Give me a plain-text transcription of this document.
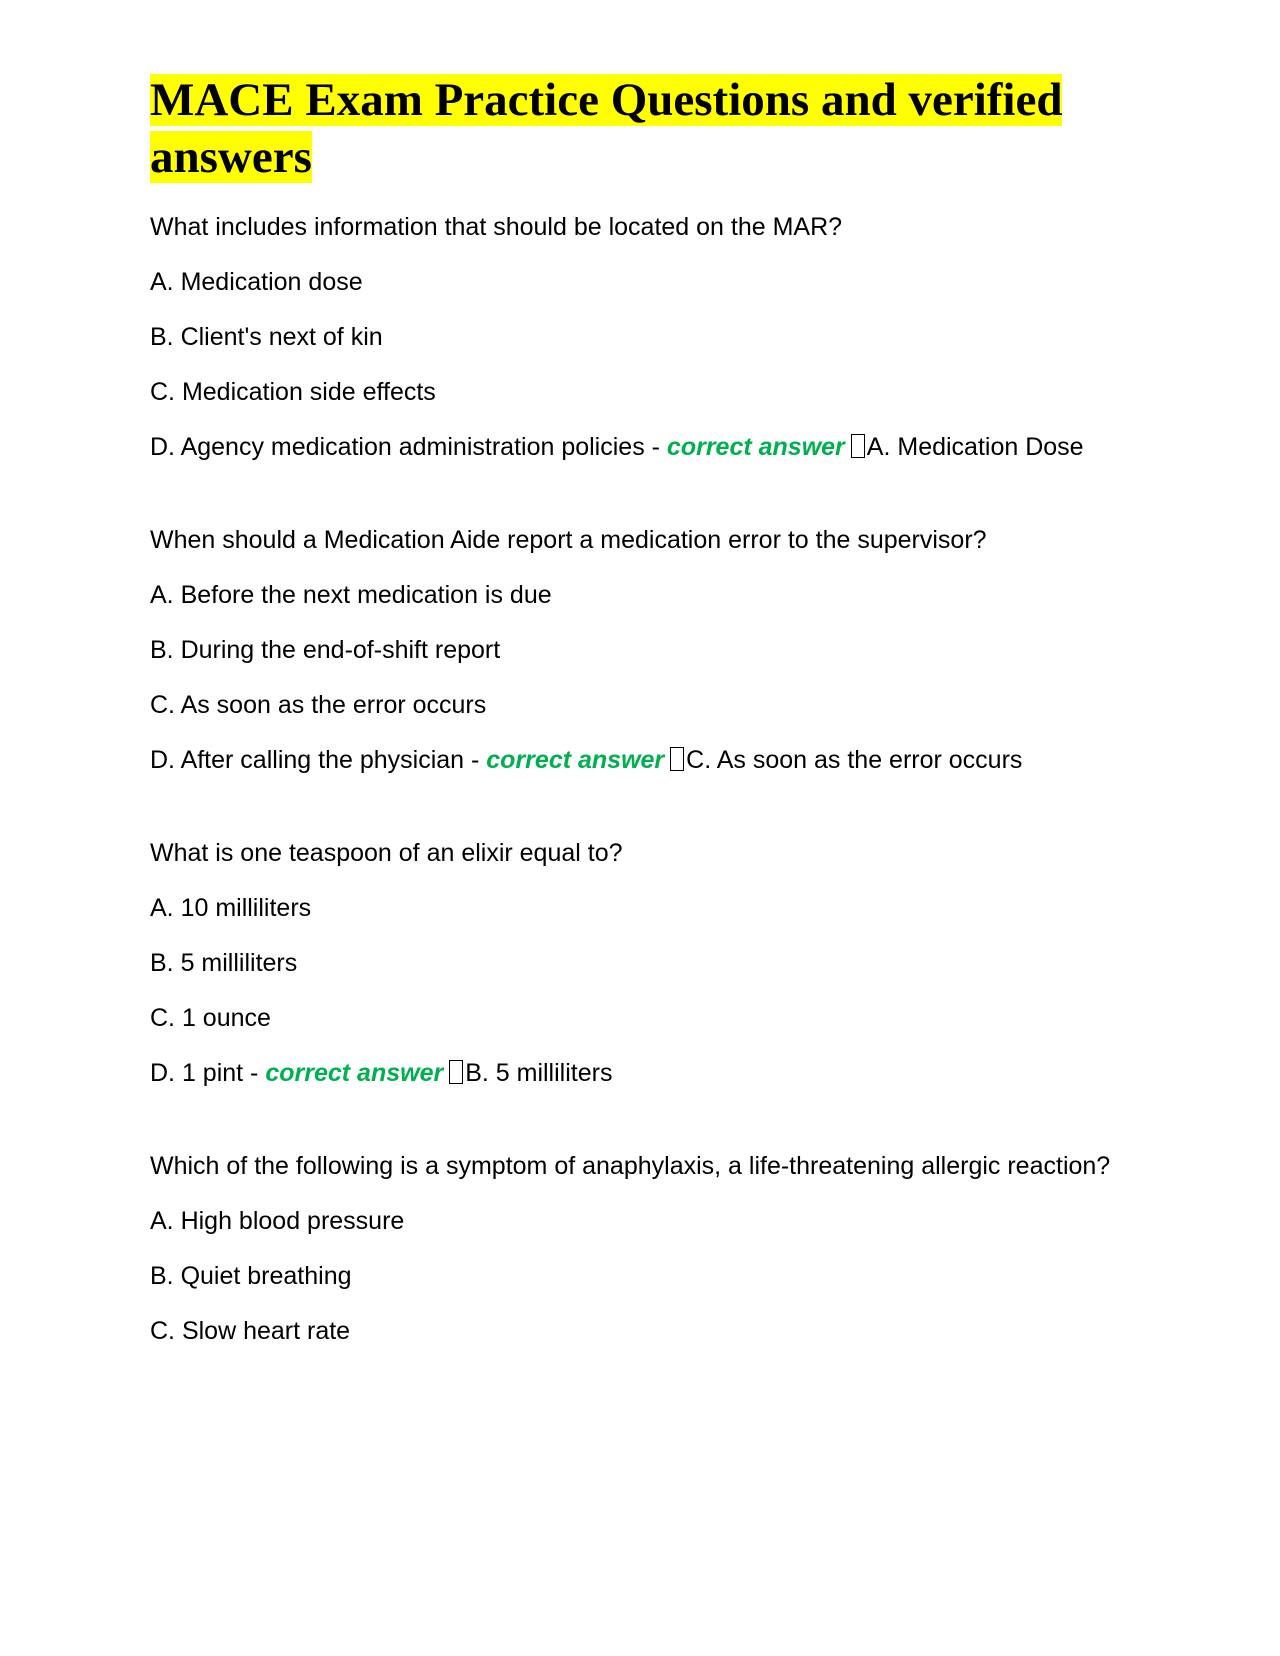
MACE Exam Practice Questions and verified answers
What includes information that should be located on the MAR?
A. Medication dose
B. Client's next of kin
C. Medication side effects
D. Agency medication administration policies - correct answer A. Medication Dose
When should a Medication Aide report a medication error to the supervisor?
A. Before the next medication is due
B. During the end-of-shift report
C. As soon as the error occurs
D. After calling the physician - correct answer C. As soon as the error occurs
What is one teaspoon of an elixir equal to?
A. 10 milliliters
B. 5 milliliters
C. 1 ounce
D. 1 pint - correct answer B. 5 milliliters
Which of the following is a symptom of anaphylaxis, a life-threatening allergic reaction?
A. High blood pressure
B. Quiet breathing
C. Slow heart rate
